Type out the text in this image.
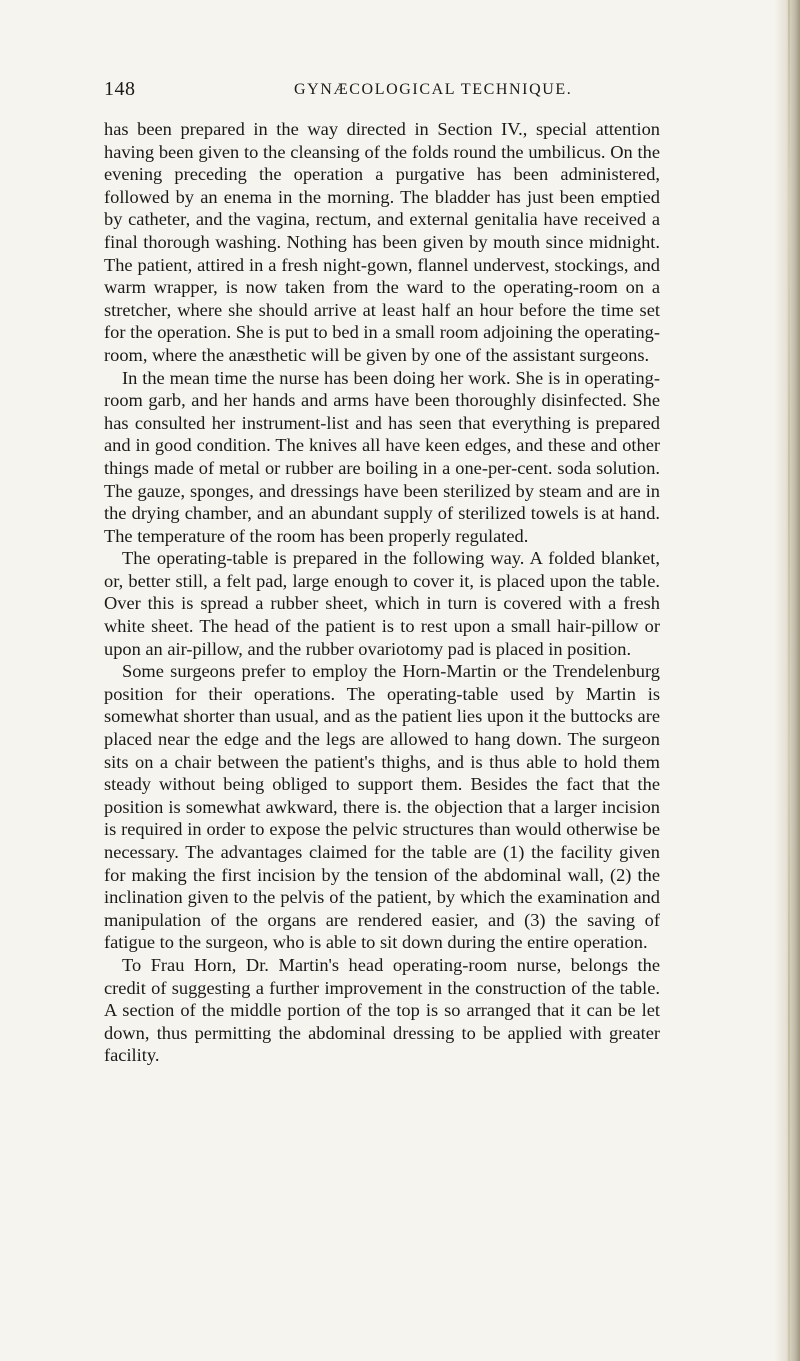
148	GYNÆCOLOGICAL TECHNIQUE.

has been prepared in the way directed in Section IV., special attention having been given to the cleansing of the folds round the umbilicus. On the evening preceding the operation a purgative has been administered, followed by an enema in the morning. The bladder has just been emptied by catheter, and the vagina, rectum, and external genitalia have received a final thorough washing. Nothing has been given by mouth since midnight. The patient, attired in a fresh night-gown, flannel undervest, stockings, and warm wrapper, is now taken from the ward to the operating-room on a stretcher, where she should arrive at least half an hour before the time set for the operation. She is put to bed in a small room adjoining the operating-room, where the anæsthetic will be given by one of the assistant surgeons.

In the mean time the nurse has been doing her work. She is in operating-room garb, and her hands and arms have been thoroughly disinfected. She has consulted her instrument-list and has seen that everything is prepared and in good condition. The knives all have keen edges, and these and other things made of metal or rubber are boiling in a one-per-cent. soda solution. The gauze, sponges, and dressings have been sterilized by steam and are in the drying chamber, and an abundant supply of sterilized towels is at hand. The temperature of the room has been properly regulated.

The operating-table is prepared in the following way. A folded blanket, or, better still, a felt pad, large enough to cover it, is placed upon the table. Over this is spread a rubber sheet, which in turn is covered with a fresh white sheet. The head of the patient is to rest upon a small hair-pillow or upon an air-pillow, and the rubber ovariotomy pad is placed in position.

Some surgeons prefer to employ the Horn-Martin or the Trendelenburg position for their operations. The operating-table used by Martin is somewhat shorter than usual, and as the patient lies upon it the buttocks are placed near the edge and the legs are allowed to hang down. The surgeon sits on a chair between the patient's thighs, and is thus able to hold them steady without being obliged to support them. Besides the fact that the position is somewhat awkward, there is. the objection that a larger incision is required in order to expose the pelvic structures than would otherwise be necessary. The advantages claimed for the table are (1) the facility given for making the first incision by the tension of the abdominal wall, (2) the inclination given to the pelvis of the patient, by which the examination and manipulation of the organs are rendered easier, and (3) the saving of fatigue to the surgeon, who is able to sit down during the entire operation.

To Frau Horn, Dr. Martin's head operating-room nurse, belongs the credit of suggesting a further improvement in the construction of the table. A section of the middle portion of the top is so arranged that it can be let down, thus permitting the abdominal dressing to be applied with greater facility.
